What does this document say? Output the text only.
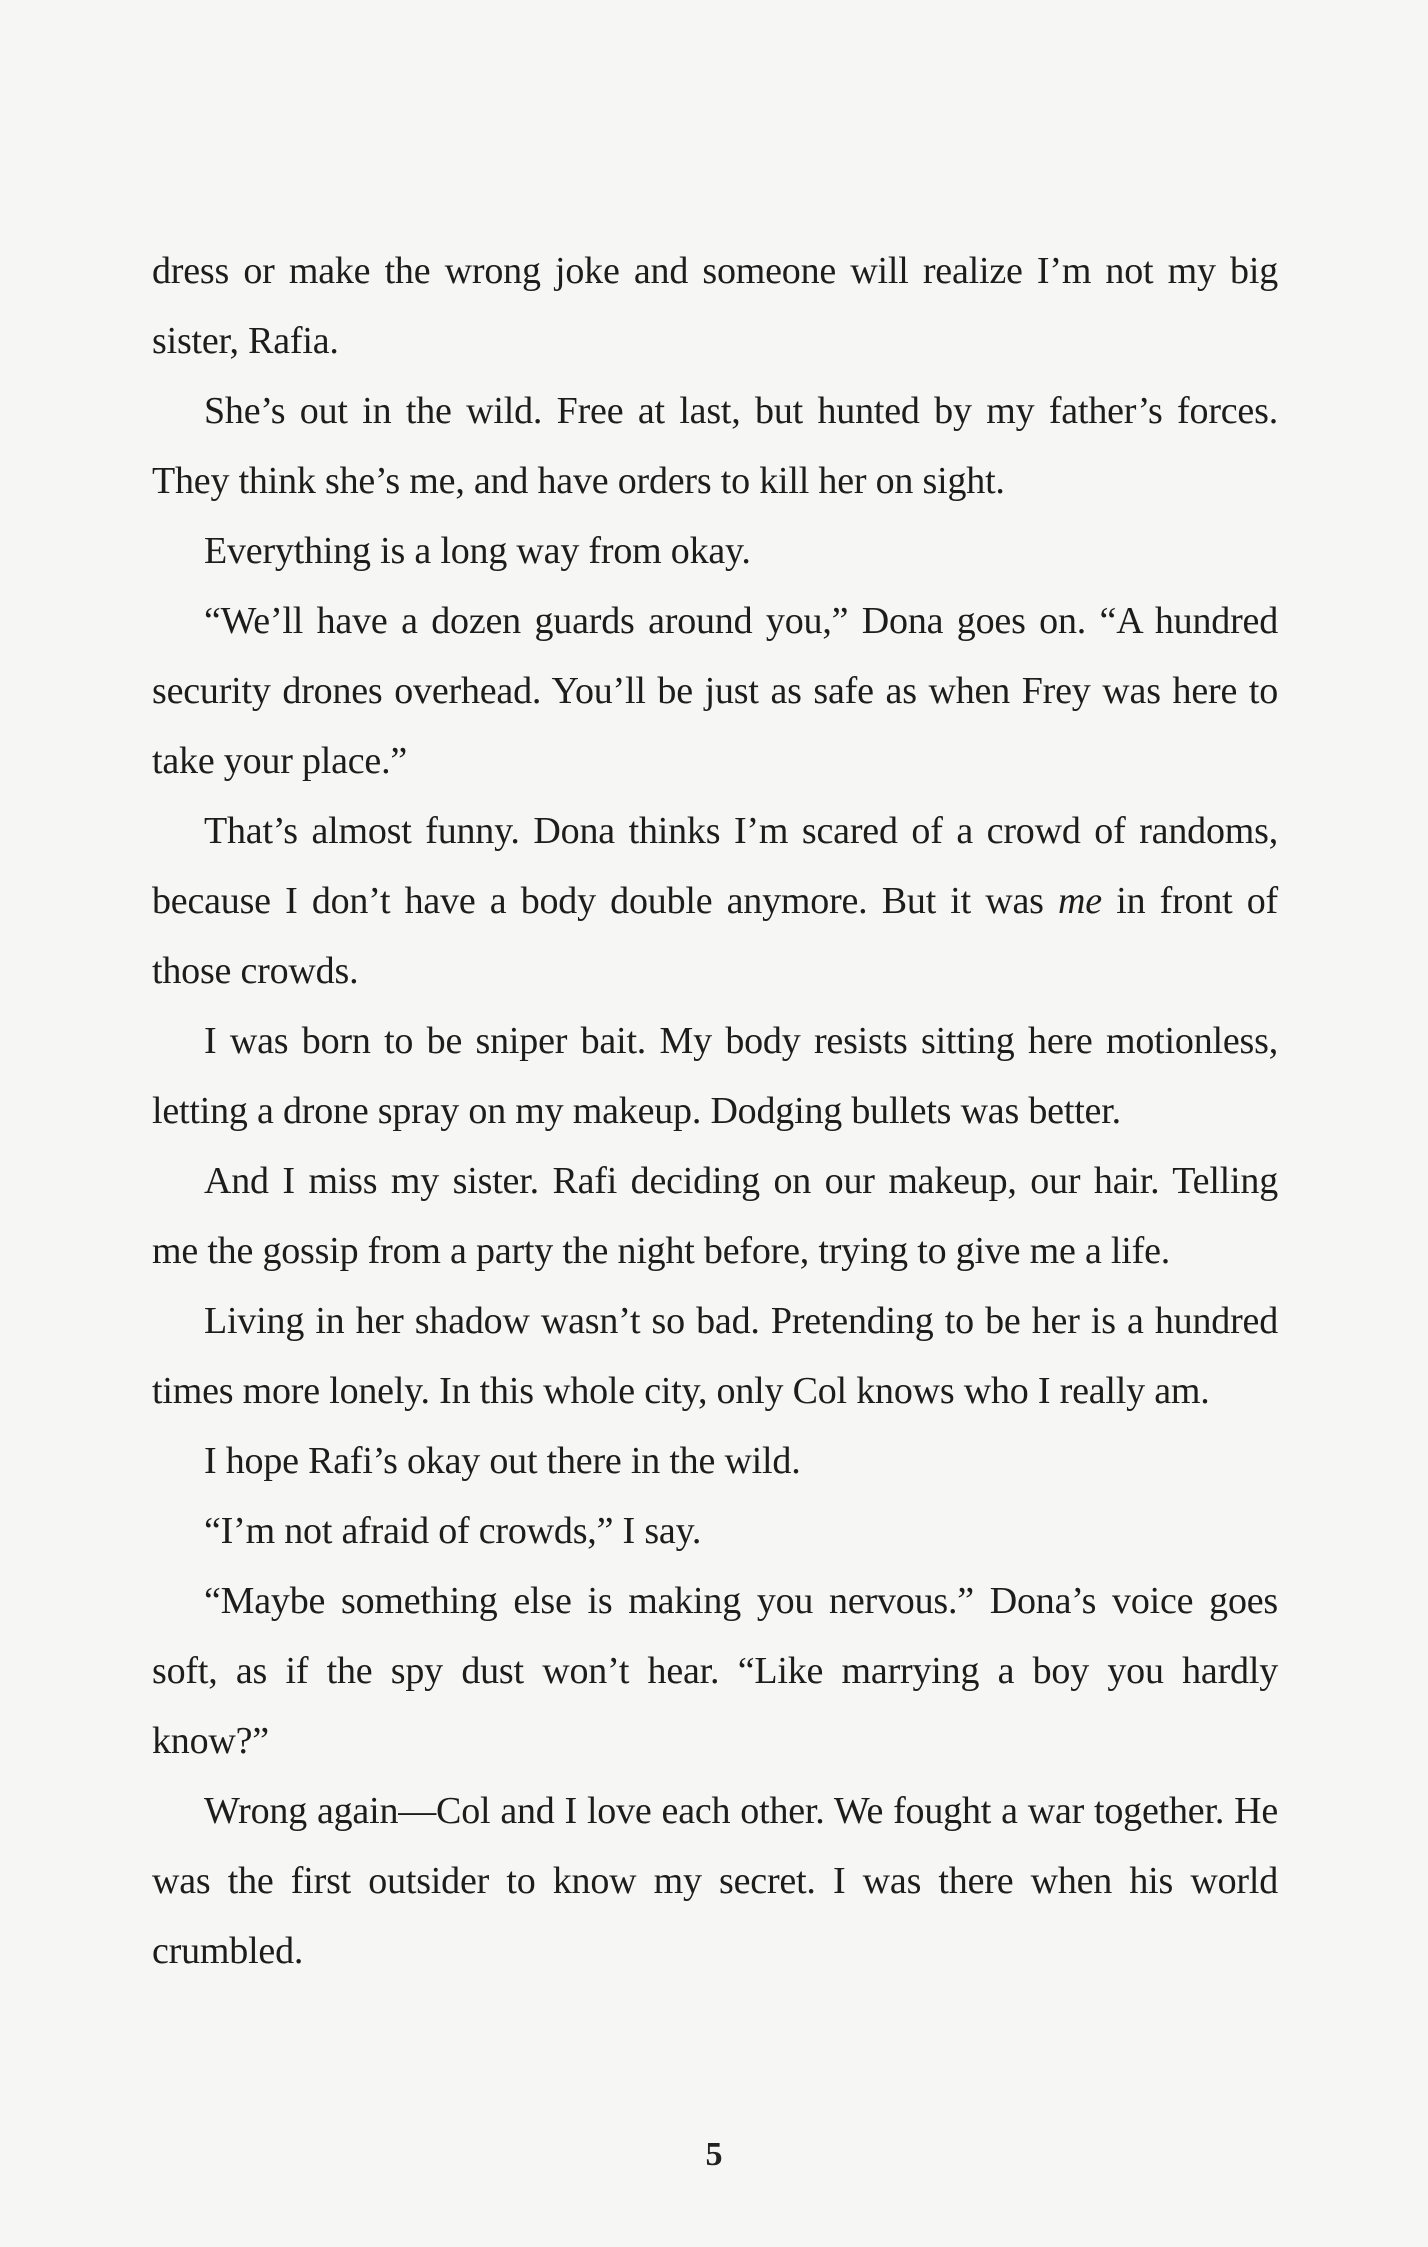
dress or make the wrong joke and someone will realize I’m not my big sister, Rafia.

She’s out in the wild. Free at last, but hunted by my father’s forces. They think she’s me, and have orders to kill her on sight.

Everything is a long way from okay.

“We’ll have a dozen guards around you,” Dona goes on. “A hundred security drones overhead. You’ll be just as safe as when Frey was here to take your place.”

That’s almost funny. Dona thinks I’m scared of a crowd of randoms, because I don’t have a body double anymore. But it was me in front of those crowds.

I was born to be sniper bait. My body resists sitting here motionless, letting a drone spray on my makeup. Dodging bullets was better.

And I miss my sister. Rafi deciding on our makeup, our hair. Telling me the gossip from a party the night before, trying to give me a life.

Living in her shadow wasn’t so bad. Pretending to be her is a hundred times more lonely. In this whole city, only Col knows who I really am.

I hope Rafi’s okay out there in the wild.

“I’m not afraid of crowds,” I say.

“Maybe something else is making you nervous.” Dona’s voice goes soft, as if the spy dust won’t hear. “Like marrying a boy you hardly know?”

Wrong again—Col and I love each other. We fought a war together. He was the first outsider to know my secret. I was there when his world crumbled.

5
